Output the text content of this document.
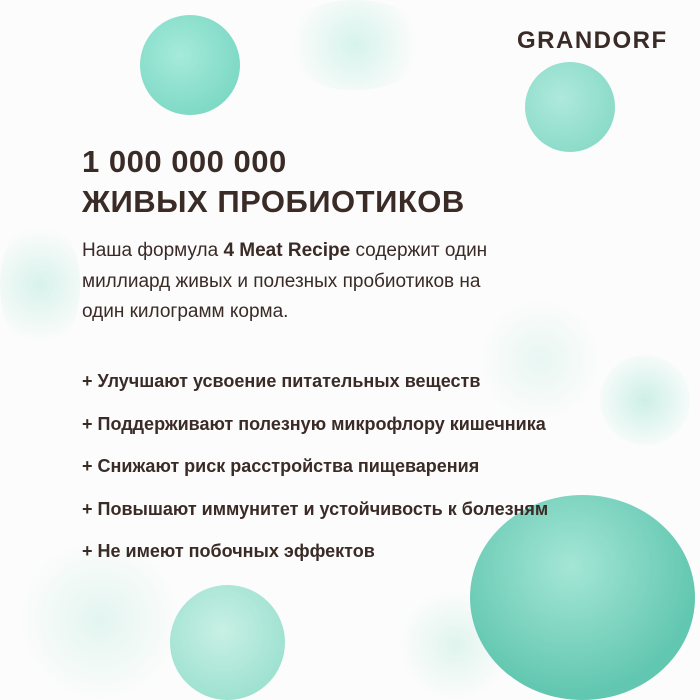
GRANDORF
1 000 000 000
ЖИВЫХ ПРОБИОТИКОВ
Наша формула 4 Meat Recipe содержит один
миллиард живых и полезных пробиотиков на
один килограмм корма.
+ Улучшают усвоение питательных веществ
+ Поддерживают полезную микрофлору кишечника
+ Снижают риск расстройства пищеварения
+ Повышают иммунитет и устойчивость к болезням
+ Не имеют побочных эффектов
